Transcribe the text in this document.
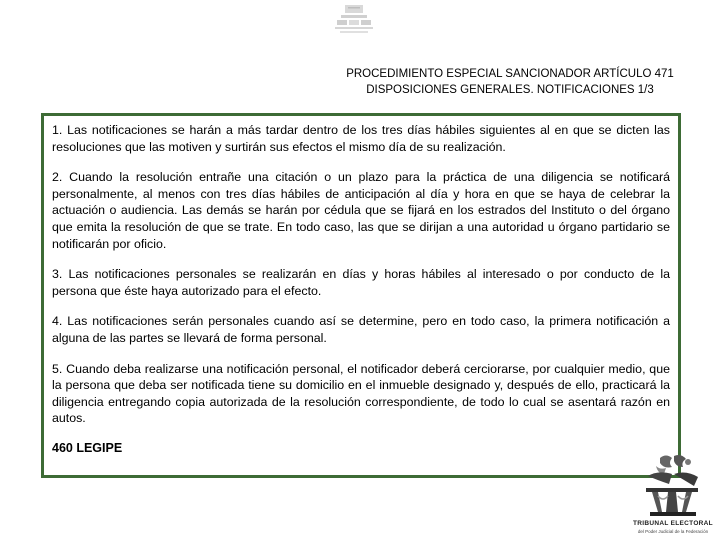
PROCEDIMIENTO ESPECIAL SANCIONADOR ARTÍCULO 471
DISPOSICIONES GENERALES. NOTIFICACIONES 1/3

1. Las notificaciones se harán a más tardar dentro de los tres días hábiles siguientes al en que se dicten las resoluciones que las motiven y surtirán sus efectos el mismo día de su realización.

2. Cuando la resolución entrañe una citación o un plazo para la práctica de una diligencia se notificará personalmente, al menos con tres días hábiles de anticipación al día y hora en que se haya de celebrar la actuación o audiencia. Las demás se harán por cédula que se fijará en los estrados del Instituto o del órgano que emita la resolución de que se trate. En todo caso, las que se dirijan a una autoridad u órgano partidario se notificarán por oficio.

3. Las notificaciones personales se realizarán en días y horas hábiles al interesado o por conducto de la persona que éste haya autorizado para el efecto.

4. Las notificaciones serán personales cuando así se determine, pero en todo caso, la primera notificación a alguna de las partes se llevará de forma personal.

5. Cuando deba realizarse una notificación personal, el notificador deberá cerciorarse, por cualquier medio, que la persona que deba ser notificada tiene su domicilio en el inmueble designado y, después de ello, practicará la diligencia entregando copia autorizada de la resolución correspondiente, de todo lo cual se asentará razón en autos.

460 LEGIPE

TRIBUNAL ELECTORAL
del Poder Judicial de la Federación
